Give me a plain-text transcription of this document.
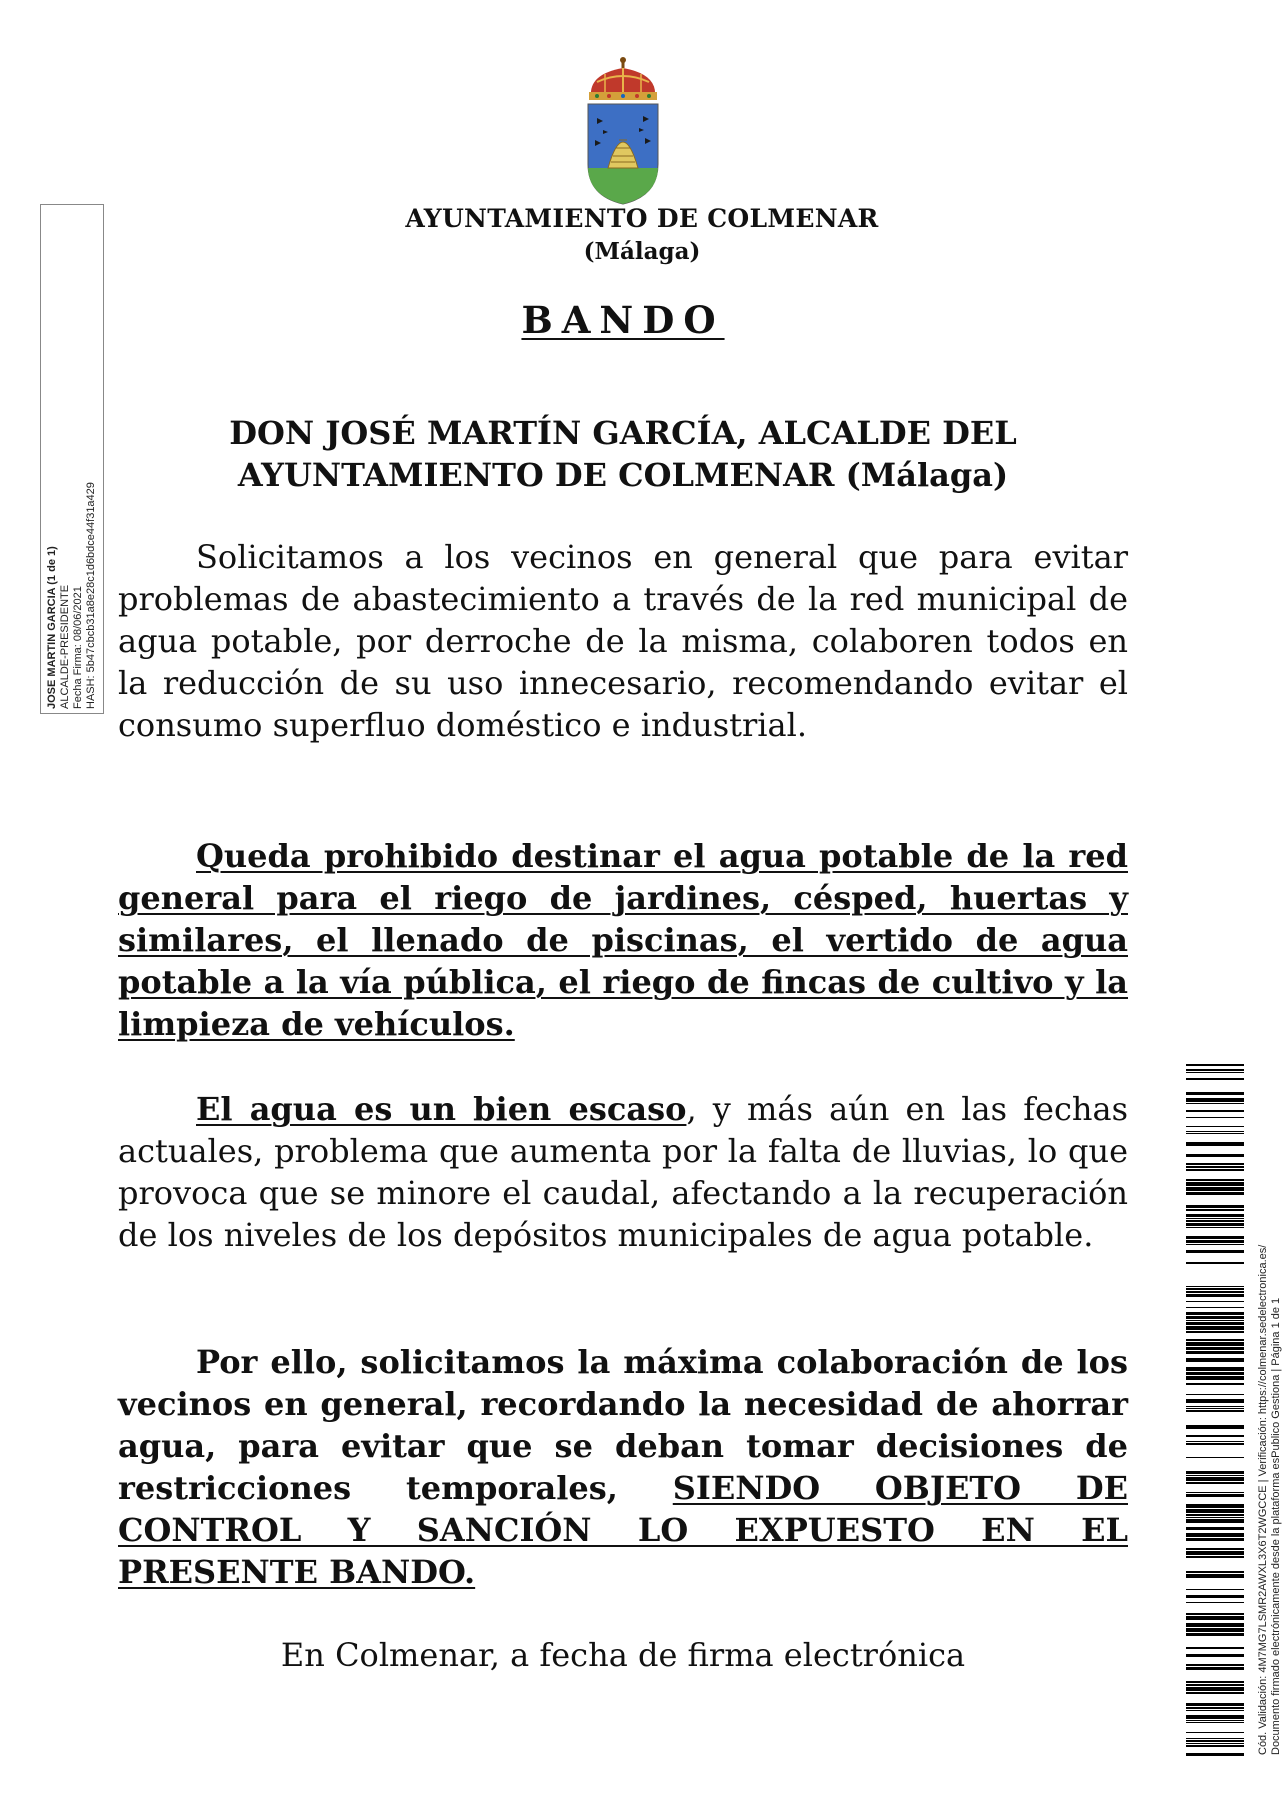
AYUNTAMIENTO DE COLMENAR
(Málaga)
BANDO
DON JOSÉ MARTÍN GARCÍA, ALCALDE DEL
AYUNTAMIENTO DE COLMENAR (Málaga)

Solicitamos a los vecinos en general que para evitar problemas de abastecimiento a través de la red municipal de agua potable, por derroche de la misma, colaboren todos en la reducción de su uso innecesario, recomendando evitar el consumo superfluo doméstico e industrial.

Queda prohibido destinar el agua potable de la red general para el riego de jardines, césped, huertas y similares, el llenado de piscinas, el vertido de agua potable a la vía pública, el riego de fincas de cultivo y la limpieza de vehículos.

El agua es un bien escaso, y más aún en las fechas actuales, problema que aumenta por la falta de lluvias, lo que provoca que se minore el caudal, afectando a la recuperación de los niveles de los depósitos municipales de agua potable.

Por ello, solicitamos la máxima colaboración de los vecinos en general, recordando la necesidad de ahorrar agua, para evitar que se deban tomar decisiones de restricciones temporales, SIENDO OBJETO DE CONTROL Y SANCIÓN LO EXPUESTO EN EL PRESENTE BANDO.

En Colmenar, a fecha de firma electrónica
JOSE MARTIN GARCIA (1 de 1) ALCALDE-PRESIDENTE Fecha Firma: 08/06/2021 HASH: 5b47cbcb31a8e28c1d6bdce44f31a429
Cód. Validación: 4M7MG7LSMR2AWXL3X6T2WGCCE | Verificación: https://colmenar.sedelectronica.es/ Documento firmado electrónicamente desde la plataforma esPublico Gestiona | Página 1 de 1
